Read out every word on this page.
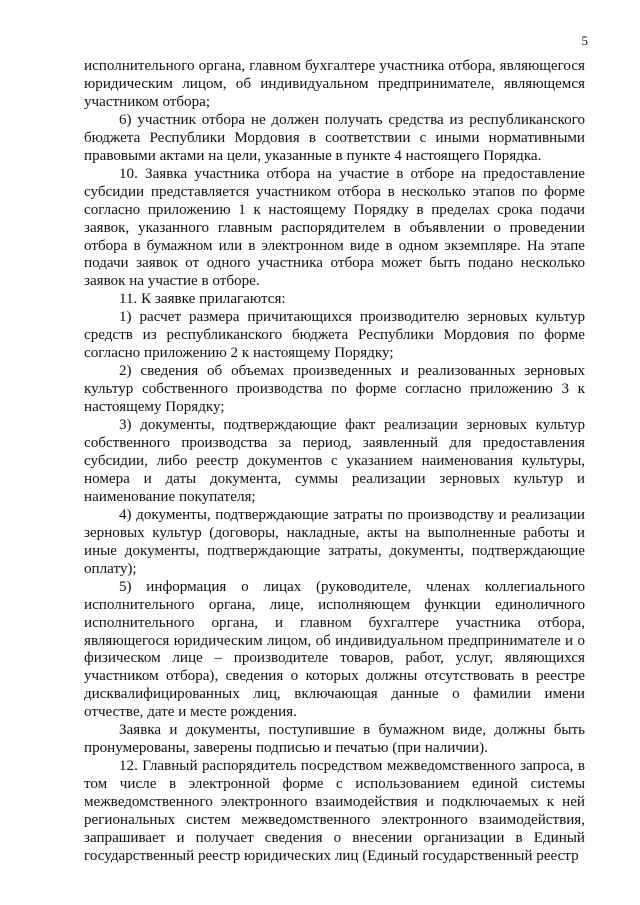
5

исполнительного органа, главном бухгалтере участника отбора, являющегося юридическим лицом, об индивидуальном предпринимателе, являющемся участником отбора;

6) участник отбора не должен получать средства из республиканского бюджета Республики Мордовия в соответствии с иными нормативными правовыми актами на цели, указанные в пункте 4 настоящего Порядка.

10. Заявка участника отбора на участие в отборе на предоставление субсидии представляется участником отбора в несколько этапов по форме согласно приложению 1 к настоящему Порядку в пределах срока подачи заявок, указанного главным распорядителем в объявлении о проведении отбора в бумажном или в электронном виде в одном экземпляре. На этапе подачи заявок от одного участника отбора может быть подано несколько заявок на участие в отборе.

11. К заявке прилагаются:

1) расчет размера причитающихся производителю зерновых культур средств из республиканского бюджета Республики Мордовия по форме согласно приложению 2 к настоящему Порядку;

2) сведения об объемах произведенных и реализованных зерновых культур собственного производства по форме согласно приложению 3 к настоящему Порядку;

3) документы, подтверждающие факт реализации зерновых культур собственного производства за период, заявленный для предоставления субсидии, либо реестр документов с указанием наименования культуры, номера и даты документа, суммы реализации зерновых культур и наименование покупателя;

4) документы, подтверждающие затраты по производству и реализации зерновых культур (договоры, накладные, акты на выполненные работы и иные документы, подтверждающие затраты, документы, подтверждающие оплату);

5) информация о лицах (руководителе, членах коллегиального исполнительного органа, лице, исполняющем функции единоличного исполнительного органа, и главном бухгалтере участника отбора, являющегося юридическим лицом, об индивидуальном предпринимателе и о физическом лице – производителе товаров, работ, услуг, являющихся участником отбора), сведения о которых должны отсутствовать в реестре дисквалифицированных лиц, включающая данные о фамилии имени отчестве, дате и месте рождения.

Заявка и документы, поступившие в бумажном виде, должны быть пронумерованы, заверены подписью и печатью (при наличии).

12. Главный распорядитель посредством межведомственного запроса, в том числе в электронной форме с использованием единой системы межведомственного электронного взаимодействия и подключаемых к ней региональных систем межведомственного электронного взаимодействия, запрашивает и получает сведения о внесении организации в Единый государственный реестр юридических лиц (Единый государственный реестр
